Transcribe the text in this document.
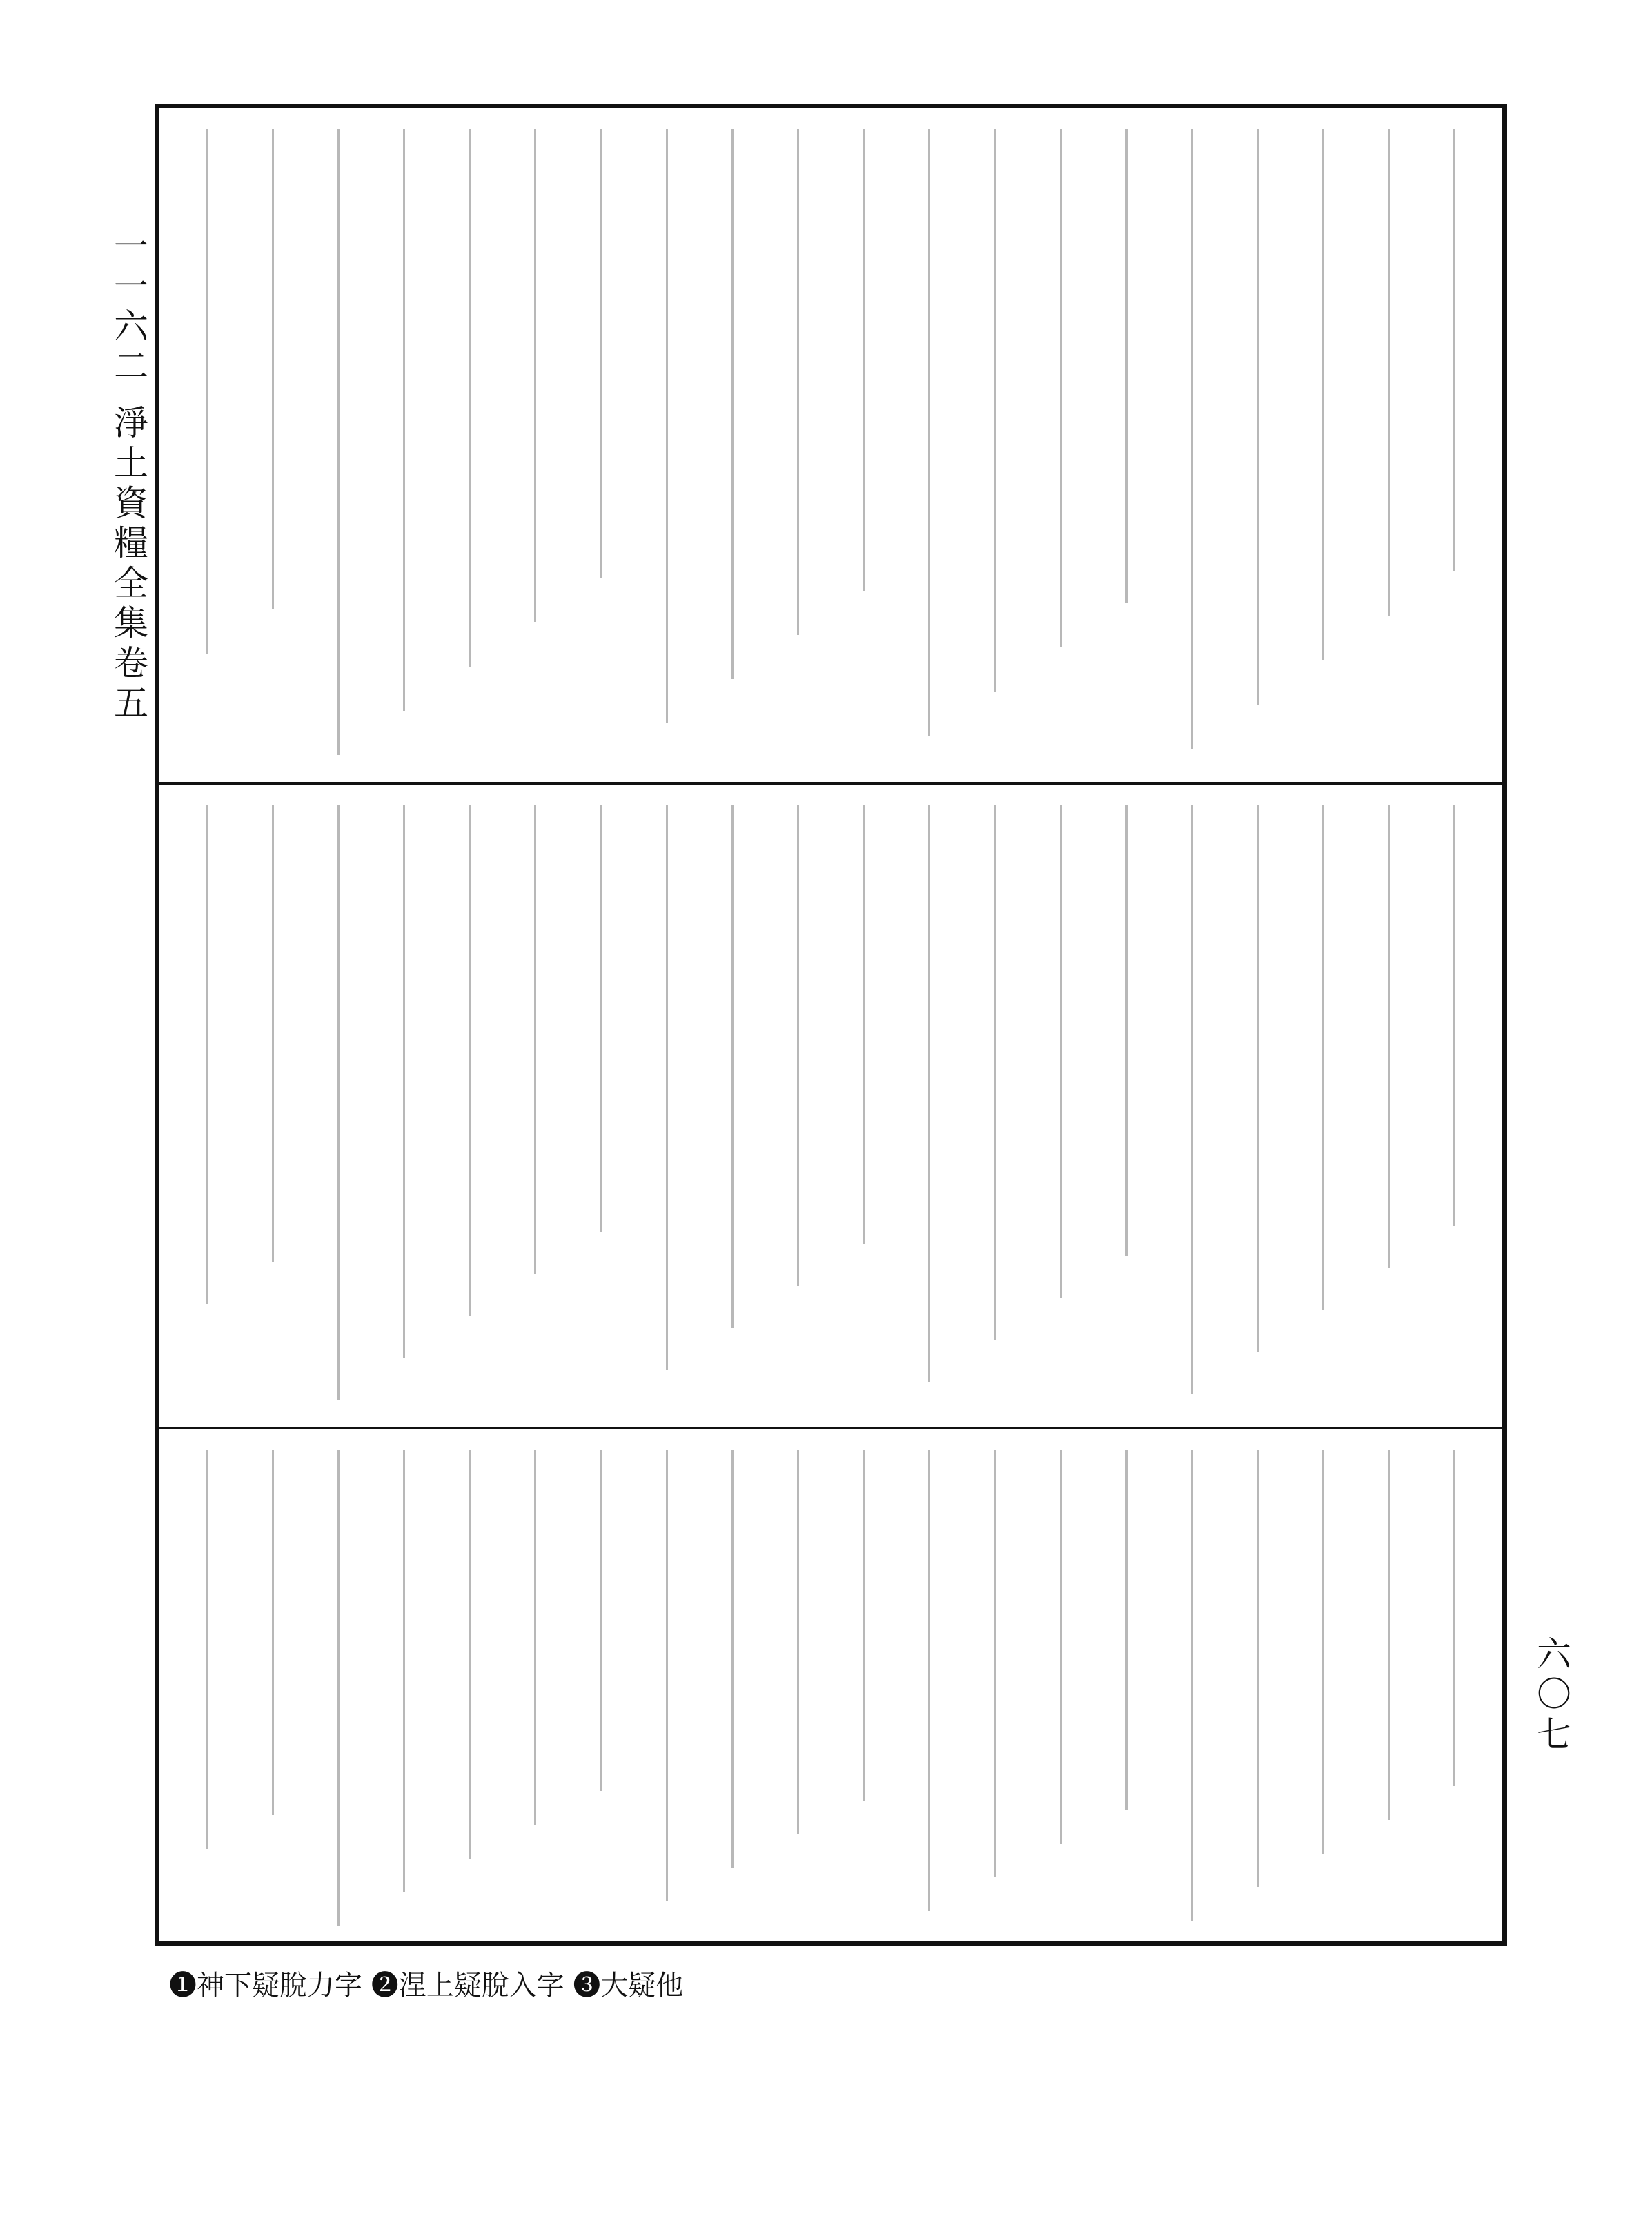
一一六二 淨土資糧全集卷五
六〇七
❶神下疑脫力字 ❷涅上疑脫入字 ❸大疑他
